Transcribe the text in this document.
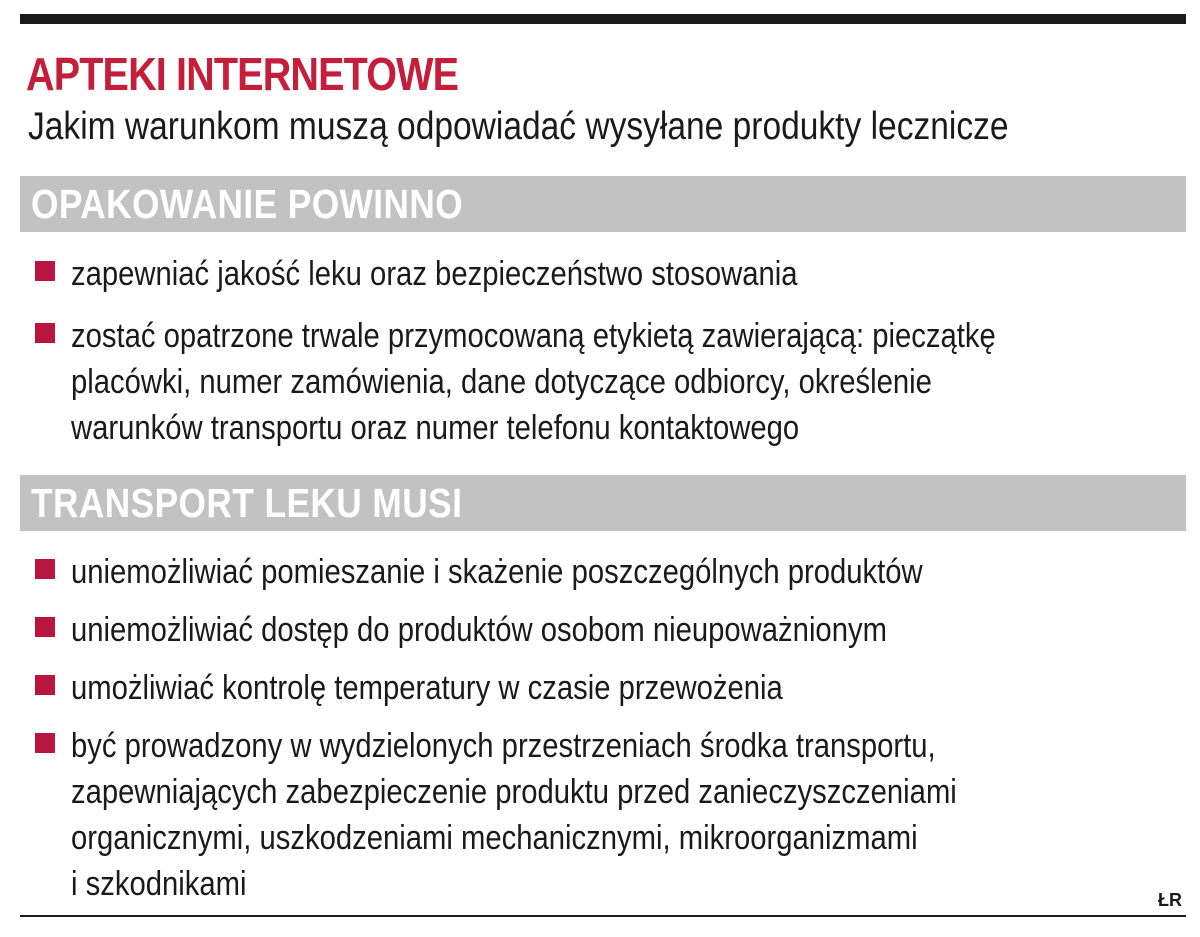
APTEKI INTERNETOWE
Jakim warunkom muszą odpowiadać wysyłane produkty lecznicze
OPAKOWANIE POWINNO
zapewniać jakość leku oraz bezpieczeństwo stosowania
zostać opatrzone trwale przymocowaną etykietą zawierającą: pieczątkę
placówki, numer zamówienia, dane dotyczące odbiorcy, określenie
warunków transportu oraz numer telefonu kontaktowego
TRANSPORT LEKU MUSI
uniemożliwiać pomieszanie i skażenie poszczególnych produktów
uniemożliwiać dostęp do produktów osobom nieupoważnionym
umożliwiać kontrolę temperatury w czasie przewożenia
być prowadzony w wydzielonych przestrzeniach środka transportu,
zapewniających zabezpieczenie produktu przed zanieczyszczeniami
organicznymi, uszkodzeniami mechanicznymi, mikroorganizmami
i szkodnikami	ŁR
